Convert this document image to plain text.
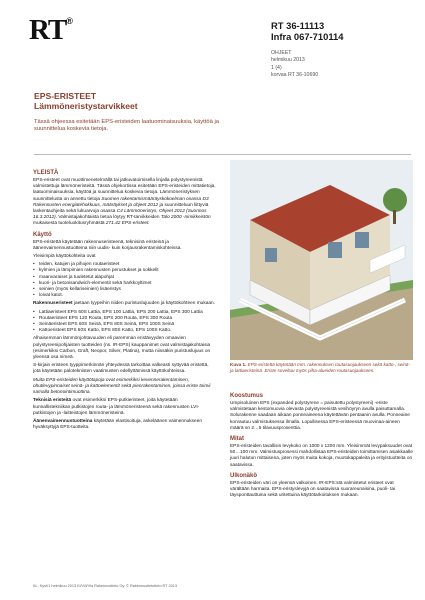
RT®	RT 36-11113
Infra 067-710114
OHJEET
helmikuu 2013
1 (4)
korvaa RT 36-10690
EPS-ERISTEET
Lämmöneristystarvikkeet
Tässä ohjeessa esitetään EPS-eristeiden laatuominaisuuksia, käyttöä ja suunnittelua koskevia tietoja.
YLEISTÄ

EPS-eristeet ovat muottimenetelmällä tai jatkuvatoimisella linjalla polystyreenistä valmistettuja lämmöneristeitä. Tässä ohjekortissa esitetään EPS-eristeiden mittatietoja, laatuominaisuuksia, käyttöä ja suunnittelua koskevia tietoja. Lämmöneristyksen suunnittelusta on annettu tietoja Suomen rakentamismääräyskokoelman osassa D3 Rakennusten energiatehokkuus, määräykset ja ohjeet 2012 ja suunnitteluun liittyviä laskentaohjeita sekä lukuarvoja osassa C4 Lämmöneristys, Ohjeet 2012 (Suonnos 16.3.2012). Valmistajakohtaista tietoa löytyy RT-tarvikkeiden Talo 2000 -nimikkeistön mukaisesta tuoteluokitusryhmästä 271.42 EPS-eristeet.

Käyttö

EPS-eristettä käytetään rakennuseristeenä, teknisinä eristeinä ja äänenvaimennustuotteina niin uudis- kuin korjausrakentamiskohteissa.

Yleisimpiä käyttökohteita ovat

• teiden, katujen ja pihojen routaeristeet
• kylmien ja lämpimien rakennusten perustukset ja sokkelit
• maanvaraiset ja tuuletetut alapohjat
• kuori- ja betonisandwich-elementit sekä harkkoyltimet
• seinien (myös kellariseinien) lisäeristys
• loivat katot.

Rakennuseristeet jaetaan tyypeihin niiden puristuslujuuden ja käyttökohteen mukaan.

• Lattiaeristeet EPS 60S Lattia, EPS 100 Lattia, EPS 200 Lattia, EPS 300 Lattia
• Routaeristeet EPS 120 Routa, EPS 200 Routa, EPS 300 Routa
• Seinäeristeet EPS 60S Seinä, EPS 80S Seinä, EPS 100S Seinä
• Kattoeristeet EPS 60S Katto, EPS 80S Katto, EPS 100S Katto.

Alhaisemman lämmönjohtavuuden eli paremman eristävyyden omaavien polystyreenipohjaisten tuotteiden (ns. IR-EPS) kauppanimet ovat valmistajakohtaisia (esimerkiksi Carbon, Graft, Neopor, Silver, Platina), mutta niissäkin puristuslujuus on yleensä osa nimeä.

S-kirjain eristeen tyyppimerkinnän yhteydessä tarkoittaa valkeasti syttyvää eristettä, jota käytetään paloteknisten vaatimusten edellyttämissä käyttökohteissa.

Muita EPS-eristeiden käyttötapoja ovat esimerkiksi kevennerakentaminen, ohutlevypinnaiset seinä- ja kattoelementit sekä pienrakentaminen, joissa eriste toimii samalla betonointimuottina.

Teknisiä eristeitä ovat esimerkiksi EPS-putkieristeet, joita käytetään kunnallistekniikan putkistojen routa- ja lämmöneristeenä sekä rakennusten LVI-putkistojen ja -laitteistojen lämmöneristeinä.

Äänenvaimennustuotteina käytetään elastisoituja, askeläänen vaimennukseen hyväksyttyjä EPS-tuotteita.

Kuva 1. EPS-eristettä käytetään mm. rakennuksen routasuojaukseen sekä katto-, seinä- ja lattiaeristeinä. Eriste soveltuu myös piha-alueiden routasuojaukseen.
Koostumus

Umpisoluinen EPS (expanded polystyrene = paisutettu polystyreeni) -eriste valmistetaan kestomuovia olevasta polystyreenistä vesihöyryn avulla paisuttamalla. Solurakenne saadaan aikaan ponneaineena käytettävän pentaanin avulla. Ponneaine korvautuu valmistuksessa ilmalla. Lopullisessa EPS-eristeessä muovinaa-aineen määrä on 2…5 tilavuusprosenttia.

Mitat

EPS-eristeiden tavallisin levykoko on 1000 x 1200 mm. Yleisimmät levypaksuudet ovat 50…100 mm. Valmistusprosessi mahdollistaa EPS-eristeiden toimittamisen asiakkaalle juuri halutun mittaisena, joten myös muita kokoja, muotokappaleita ja erityistuotteita on saatavissa.

Ulkonäkö

EPS-eristeiden väri on yleensä valkoinen. IR-EPS:stä valmistetut eristeet ovat värältään harmaita. EPS-eristyslevyjä on saatavissa suorareunaisina, puoli- tai täysponttauttuina sekä uritettuina käyttötarkoituksen mukaan.

KL, Kyst/1 helmikuu 2013 Kl/Vill/Vla Rakennustieto Oy. © Rakennustietotieto RT 2013
